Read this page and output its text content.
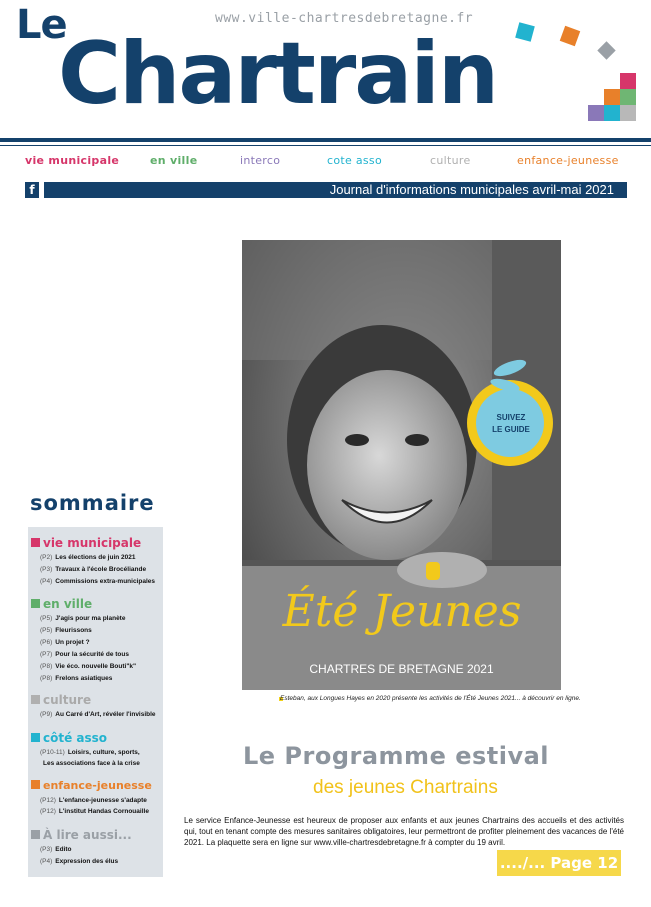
www.ville-chartresdebretagne.fr
Le
Chartrain
vie municipale	en ville	interco	cote asso	culture	enfance-jeunesse
f	Journal d'informations municipales avril-mai 2021
SUIVEZ
LE GUIDE
Été Jeunes
CHARTRES DE BRETAGNE 2021
Esteban, aux Longues Hayes en 2020 présente les activités de l'Été Jeunes 2021... à découvrir en ligne.
sommaire
vie municipale
(P2) Les élections de juin 2021
(P3) Travaux à l'école Brocéliande
(P4) Commissions extra-municipales
en ville
(P5) J'agis pour ma planète
(P5) Fleurissons
(P6) Un projet ?
(P7) Pour la sécurité de tous
(P8) Vie éco. nouvelle Bouti"k"
(P8) Frelons asiatiques
culture
(P9) Au Carré d'Art, révéler l'invisible
côté asso
(P10-11) Loisirs, culture, sports,
Les associations face à la crise
enfance-jeunesse
(P12) L'enfance-jeunesse s'adapte
(P12) L'institut Handas Cornouaille
À lire aussi...
(P3) Edito
(P4) Expression des élus
Le Programme estival
des jeunes Chartrains
Le service Enfance-Jeunesse est heureux de proposer aux enfants et aux jeunes Chartrains des accueils et des activités qui, tout en tenant compte des mesures sanitaires obligatoires, leur permettront de profiter pleinement des vacances de l'été 2021. La plaquette sera en ligne sur www.ville-chartresdebretagne.fr à compter du 19 avril.
..../... Page 12
